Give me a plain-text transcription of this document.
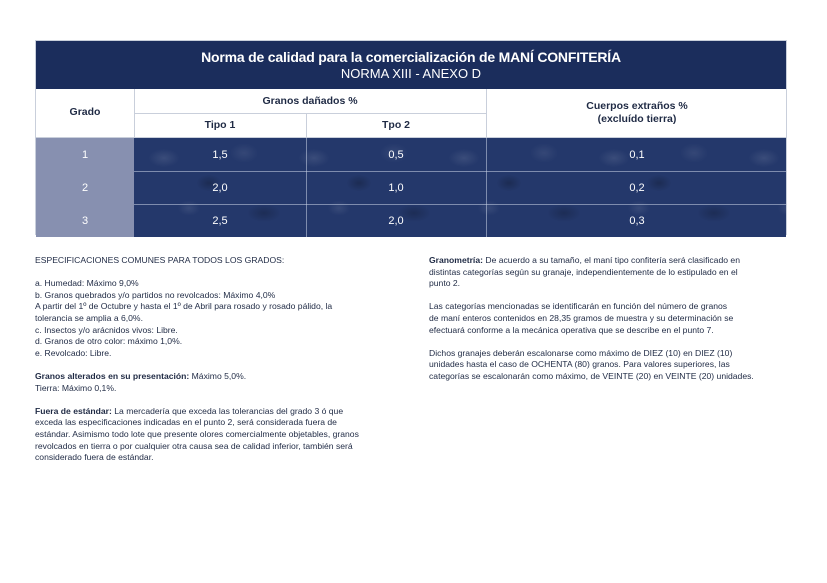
Norma de calidad para la comercialización de MANÍ CONFITERÍA
NORMA XIII - ANEXO D
Grado
Granos dañados %
Tipo 1	Tpo 2
Cuerpos extraños %
(excluído tierra)
1	1,5	0,5	0,1
2	2,0	1,0	0,2
3	2,5	2,0	0,3

ESPECIFICACIONES COMUNES PARA TODOS LOS GRADOS:

a. Humedad: Máximo 9,0%

b. Granos quebrados y/o partidos no revolcados: Máximo 4,0%

A partir del 1º de Octubre y hasta el 1º de Abril para rosado y rosado pálido, la

tolerancia se amplia a 6,0%.

c. Insectos y/o arácnidos vivos: Libre.

d. Granos de otro color: máximo 1,0%.

e. Revolcado: Libre.

Granos alterados en su presentación: Máximo 5,0%.

Tierra: Máximo 0,1%.

Fuera de estándar: La mercadería que exceda las tolerancias del grado 3 ó que

exceda las especificaciones indicadas en el punto 2, será considerada fuera de

estándar. Asimismo todo lote que presente olores comercialmente objetables, granos

revolcados en tierra o por cualquier otra causa sea de calidad inferior, también será

considerado fuera de estándar.

Granometría: De acuerdo a su tamaño, el maní tipo confitería será clasificado en

distintas categorías según su granaje, independientemente de lo estipulado en el

punto 2.

Las categorías mencionadas se identificarán en función del número de granos

de maní enteros contenidos en 28,35 gramos de muestra y su determinación se

efectuará conforme a la mecánica operativa que se describe en el punto 7.

Dichos granajes deberán escalonarse como máximo de DIEZ (10) en DIEZ (10)

unidades hasta el caso de OCHENTA (80) granos. Para valores superiores, las

categorías se escalonarán como máximo, de VEINTE (20) en VEINTE (20) unidades.
